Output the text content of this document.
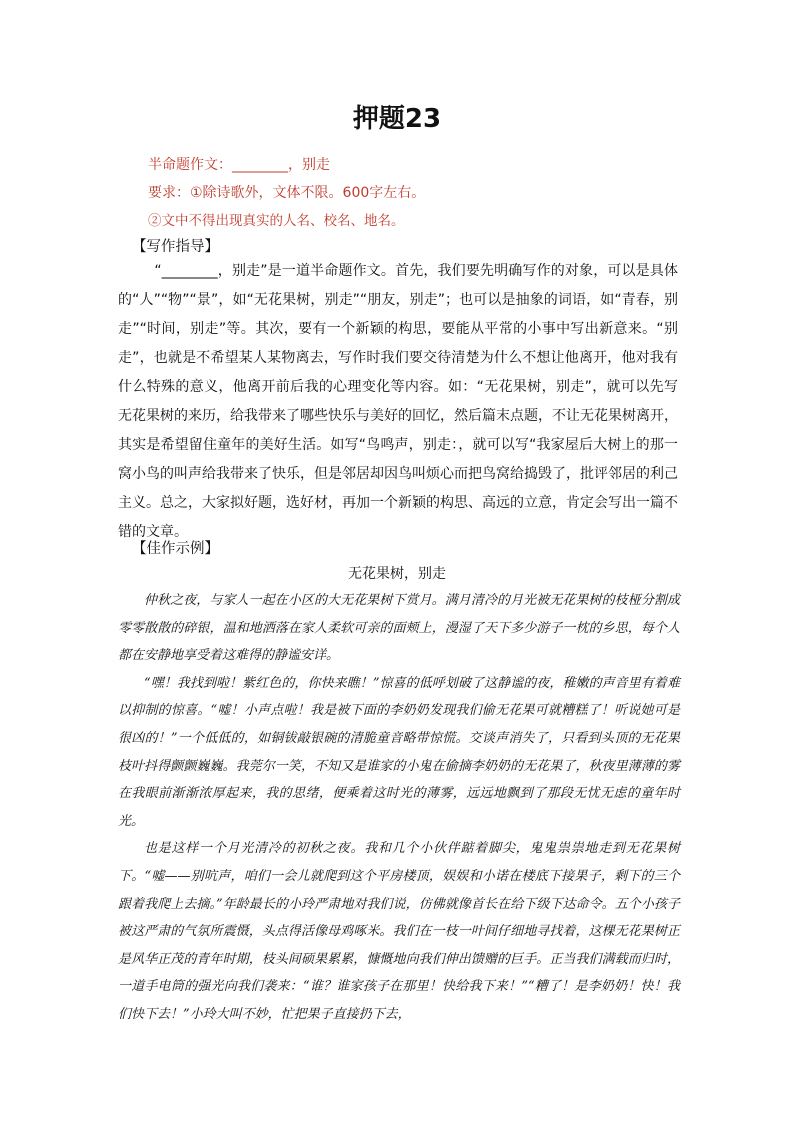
押题23
半命题作文：________，别走
要求：①除诗歌外，文体不限。600字左右。
②文中不得出现真实的人名、校名、地名。
【写作指导】

“________，别走”是一道半命题作文。首先，我们要先明确写作的对象，可以是具体的“人”“物”“景”，如“无花果树，别走”“朋友，别走”；也可以是抽象的词语，如“青春，别走”“时间，别走”等。其次，要有一个新颖的构思，要能从平常的小事中写出新意来。“别走”，也就是不希望某人某物离去，写作时我们要交待清楚为什么不想让他离开，他对我有什么特殊的意义，他离开前后我的心理变化等内容。如：“无花果树，别走”，就可以先写无花果树的来历，给我带来了哪些快乐与美好的回忆，然后篇末点题，不让无花果树离开，其实是希望留住童年的美好生活。如写“鸟鸣声，别走：，就可以写“我家屋后大树上的那一窝小鸟的叫声给我带来了快乐，但是邻居却因鸟叫烦心而把鸟窝给捣毁了，批评邻居的利己主义。总之，大家拟好题，选好材，再加一个新颖的构思、高远的立意，肯定会写出一篇不错的文章。

【佳作示例】
无花果树，别走

仲秋之夜，与家人一起在小区的大无花果树下赏月。满月清冷的月光被无花果树的枝桠分割成零零散散的碎银，温和地洒落在家人柔软可亲的面颊上，漫湿了天下多少游子一枕的乡思，每个人都在安静地享受着这难得的静谧安详。

“嘿！我找到啦！紫红色的，你快来瞧！”惊喜的低呼划破了这静谧的夜，稚嫩的声音里有着难以抑制的惊喜。“嘘！小声点啦！我是被下面的李奶奶发现我们偷无花果可就糟糕了！听说她可是很凶的！”一个低低的，如铜钹敲银碗的清脆童音略带惊慌。交谈声消失了，只看到头顶的无花果枝叶抖得颤颤巍巍。我莞尔一笑，不知又是谁家的小鬼在偷摘李奶奶的无花果了，秋夜里薄薄的雾在我眼前渐渐浓厚起来，我的思绪，便乘着这时光的薄雾，远远地飘到了那段无忧无虑的童年时光。

也是这样一个月光清冷的初秋之夜。我和几个小伙伴踮着脚尖，鬼鬼祟祟地走到无花果树下。“嘘——别吭声，咱们一会儿就爬到这个平房楼顶，娱娱和小诺在楼底下接果子，剩下的三个跟着我爬上去摘。”年龄最长的小玲严肃地对我们说，仿佛就像首长在给下级下达命令。五个小孩子被这严肃的气氛所震慑，头点得活像母鸡啄米。我们在一枝一叶间仔细地寻找着，这棵无花果树正是风华正茂的青年时期，枝头间硕果累累，慷慨地向我们伸出馈赠的巨手。正当我们满载而归时，一道手电筒的强光向我们袭来：“谁？谁家孩子在那里！快给我下来！”“糟了！是李奶奶！快！我们快下去！”小玲大叫不妙，忙把果子直接扔下去，
